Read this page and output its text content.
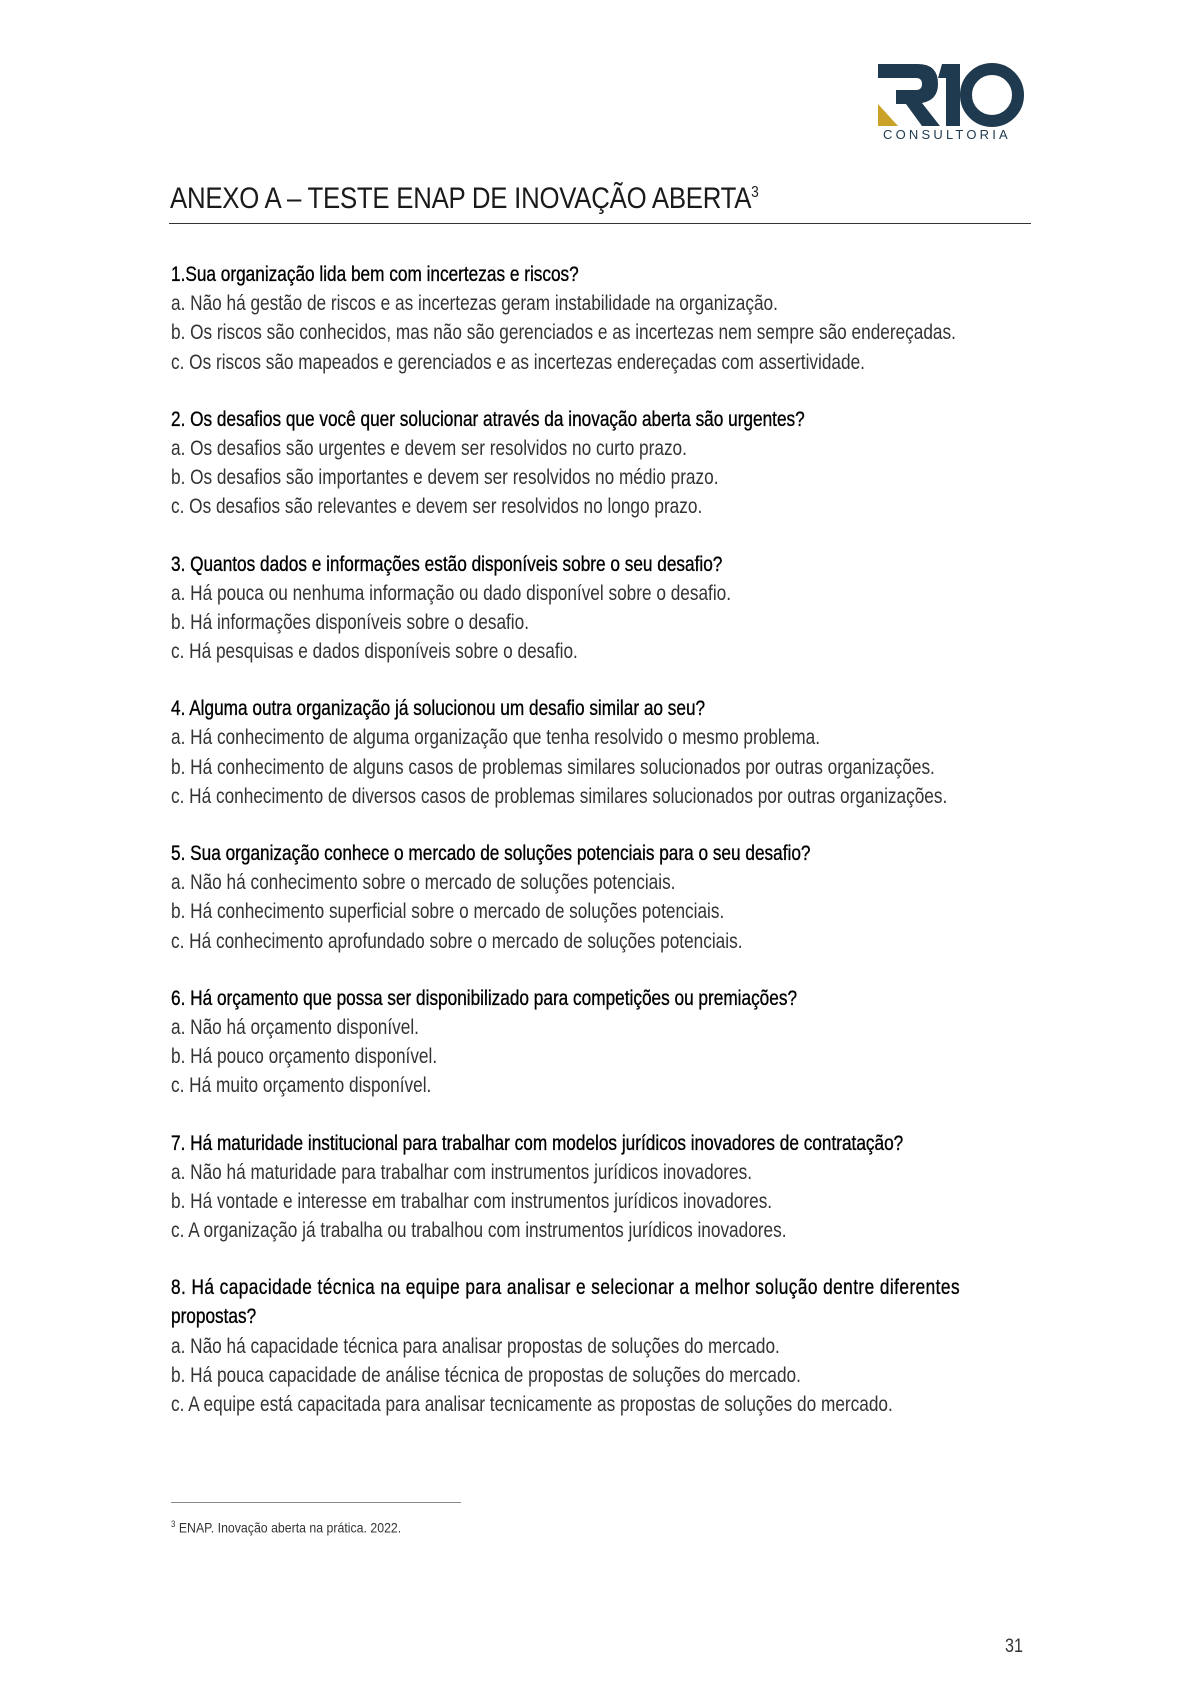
CONSULTORIA
ANEXO A – TESTE ENAP DE INOVAÇÃO ABERTA$^3$
1.Sua organização lida bem com incertezas e riscos?
a. Não há gestão de riscos e as incertezas geram instabilidade na organização.
b. Os riscos são conhecidos, mas não são gerenciados e as incertezas nem sempre são endereçadas.
c. Os riscos são mapeados e gerenciados e as incertezas endereçadas com assertividade.
2. Os desafios que você quer solucionar através da inovação aberta são urgentes?
a. Os desafios são urgentes e devem ser resolvidos no curto prazo.
b. Os desafios são importantes e devem ser resolvidos no médio prazo.
c. Os desafios são relevantes e devem ser resolvidos no longo prazo.
3. Quantos dados e informações estão disponíveis sobre o seu desafio?
a. Há pouca ou nenhuma informação ou dado disponível sobre o desafio.
b. Há informações disponíveis sobre o desafio.
c. Há pesquisas e dados disponíveis sobre o desafio.
4. Alguma outra organização já solucionou um desafio similar ao seu?
a. Há conhecimento de alguma organização que tenha resolvido o mesmo problema.
b. Há conhecimento de alguns casos de problemas similares solucionados por outras organizações.
c. Há conhecimento de diversos casos de problemas similares solucionados por outras organizações.
5. Sua organização conhece o mercado de soluções potenciais para o seu desafio?
a. Não há conhecimento sobre o mercado de soluções potenciais.
b. Há conhecimento superficial sobre o mercado de soluções potenciais.
c. Há conhecimento aprofundado sobre o mercado de soluções potenciais.
6. Há orçamento que possa ser disponibilizado para competições ou premiações?
a. Não há orçamento disponível.
b. Há pouco orçamento disponível.
c. Há muito orçamento disponível.
7. Há maturidade institucional para trabalhar com modelos jurídicos inovadores de contratação?
a. Não há maturidade para trabalhar com instrumentos jurídicos inovadores.
b. Há vontade e interesse em trabalhar com instrumentos jurídicos inovadores.
c. A organização já trabalha ou trabalhou com instrumentos jurídicos inovadores.
8. Há capacidade técnica na equipe para analisar e selecionar a melhor solução dentre diferentes
propostas?
a. Não há capacidade técnica para analisar propostas de soluções do mercado.
b. Há pouca capacidade de análise técnica de propostas de soluções do mercado.
c. A equipe está capacitada para analisar tecnicamente as propostas de soluções do mercado.
$^3$ ENAP. Inovação aberta na prática. 2022.
31
